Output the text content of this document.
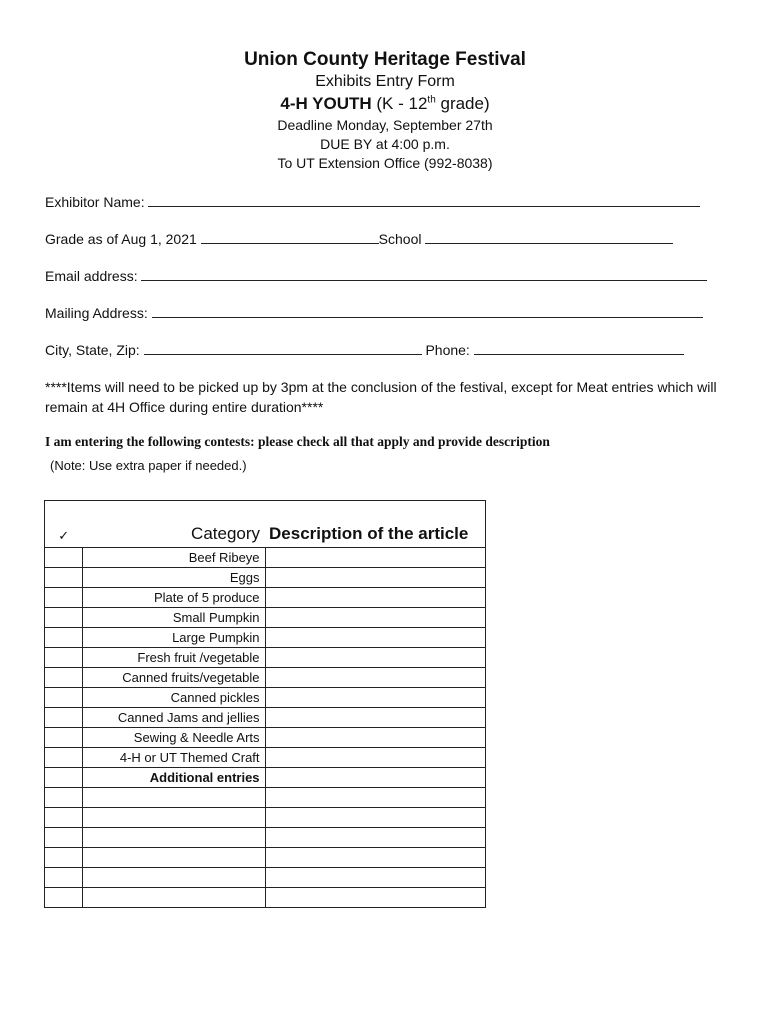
Union County Heritage Festival
Exhibits Entry Form
4-H YOUTH (K - 12th grade)
Deadline Monday, September 27th
DUE BY at 4:00 p.m.
To UT Extension Office (992-8038)
Exhibitor Name:
Grade as of Aug 1, 2021	School
Email address:
Mailing Address:
City, State, Zip:	Phone:
****Items will need to be picked up by 3pm at the conclusion of the festival, except for Meat entries which will remain at 4H Office during entire duration****
I am entering the following contests: please check all that apply and provide description
(Note: Use extra paper if needed.)
✓	Category	Description of the article
	Beef Ribeye	
	Eggs	
	Plate of 5 produce	
	Small Pumpkin	
	Large Pumpkin	
	Fresh fruit /vegetable	
	Canned fruits/vegetable	
	Canned pickles	
	Canned Jams and jellies	
	Sewing & Needle Arts	
	4-H or UT Themed Craft	
	Additional entries	
